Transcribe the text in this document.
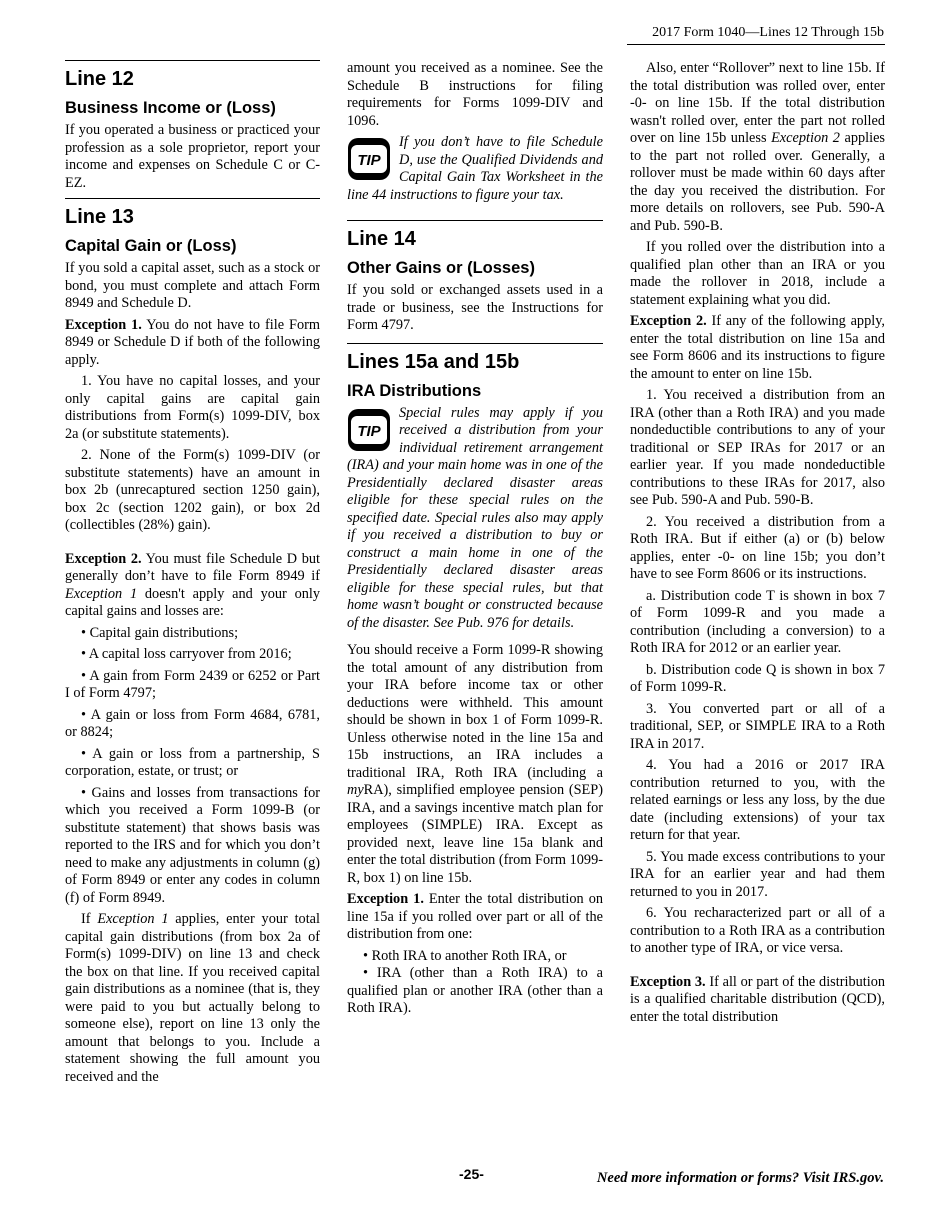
2017 Form 1040—Lines 12 Through 15b
Line 12
Business Income or (Loss)

If you operated a business or practiced your profession as a sole proprietor, report your income and expenses on Schedule C or C-EZ.

Line 13
Capital Gain or (Loss)

If you sold a capital asset, such as a stock or bond, you must complete and attach Form 8949 and Schedule D.

Exception 1. You do not have to file Form 8949 or Schedule D if both of the following apply.

1. You have no capital losses, and your only capital gains are capital gain distributions from Form(s) 1099-DIV, box 2a (or substitute statements).

2. None of the Form(s) 1099-DIV (or substitute statements) have an amount in box 2b (unrecaptured section 1250 gain), box 2c (section 1202 gain), or box 2d (collectibles (28%) gain).

Exception 2. You must file Schedule D but generally don’t have to file Form 8949 if Exception 1 doesn't apply and your only capital gains and losses are:

• Capital gain distributions;

• A capital loss carryover from 2016;

• A gain from Form 2439 or 6252 or Part I of Form 4797;

• A gain or loss from Form 4684, 6781, or 8824;

• A gain or loss from a partnership, S corporation, estate, or trust; or

• Gains and losses from transactions for which you received a Form 1099-B (or substitute statement) that shows basis was reported to the IRS and for which you don’t need to make any adjustments in column (g) of Form 8949 or enter any codes in column (f) of Form 8949.

If Exception 1 applies, enter your total capital gain distributions (from box 2a of Form(s) 1099-DIV) on line 13 and check the box on that line. If you received capital gain distributions as a nominee (that is, they were paid to you but actually belong to someone else), report on line 13 only the amount that belongs to you. Include a statement showing the full amount you received and the

amount you received as a nominee. See the Schedule B instructions for filing requirements for Forms 1099-DIV and 1096.

TIP
If you don’t have to file Schedule D, use the Qualified Dividends and Capital Gain Tax Worksheet in the line 44 instructions to figure your tax.
Line 14
Other Gains or (Losses)

If you sold or exchanged assets used in a trade or business, see the Instructions for Form 4797.

Lines 15a and 15b
IRA Distributions
TIP
Special rules may apply if you received a distribution from your individual retirement arrangement (IRA) and your main home was in one of the Presidentially declared disaster areas eligible for these special rules on the specified date. Special rules also may apply if you received a distribution to buy or construct a main home in one of the Presidentially declared disaster areas eligible for these special rules, but that home wasn’t bought or constructed because of the disaster. See Pub. 976 for details.

You should receive a Form 1099-R showing the total amount of any distribution from your IRA before income tax or other deductions were withheld. This amount should be shown in box 1 of Form 1099-R. Unless otherwise noted in the line 15a and 15b instructions, an IRA includes a traditional IRA, Roth IRA (including a myRA), simplified employee pension (SEP) IRA, and a savings incentive match plan for employees (SIMPLE) IRA. Except as provided next, leave line 15a blank and enter the total distribution (from Form 1099-R, box 1) on line 15b.

Exception 1. Enter the total distribution on line 15a if you rolled over part or all of the distribution from one:

• Roth IRA to another Roth IRA, or

• IRA (other than a Roth IRA) to a qualified plan or another IRA (other than a Roth IRA).

Also, enter “Rollover” next to line 15b. If the total distribution was rolled over, enter -0- on line 15b. If the total distribution wasn't rolled over, enter the part not rolled over on line 15b unless Exception 2 applies to the part not rolled over. Generally, a rollover must be made within 60 days after the day you received the distribution. For more details on rollovers, see Pub. 590-A and Pub. 590-B.

If you rolled over the distribution into a qualified plan other than an IRA or you made the rollover in 2018, include a statement explaining what you did.

Exception 2. If any of the following apply, enter the total distribution on line 15a and see Form 8606 and its instructions to figure the amount to enter on line 15b.

1. You received a distribution from an IRA (other than a Roth IRA) and you made nondeductible contributions to any of your traditional or SEP IRAs for 2017 or an earlier year. If you made nondeductible contributions to these IRAs for 2017, also see Pub. 590-A and Pub. 590-B.

2. You received a distribution from a Roth IRA. But if either (a) or (b) below applies, enter -0- on line 15b; you don’t have to see Form 8606 or its instructions.

a. Distribution code T is shown in box 7 of Form 1099-R and you made a contribution (including a conversion) to a Roth IRA for 2012 or an earlier year.

b. Distribution code Q is shown in box 7 of Form 1099-R.

3. You converted part or all of a traditional, SEP, or SIMPLE IRA to a Roth IRA in 2017.

4. You had a 2016 or 2017 IRA contribution returned to you, with the related earnings or less any loss, by the due date (including extensions) of your tax return for that year.

5. You made excess contributions to your IRA for an earlier year and had them returned to you in 2017.

6. You recharacterized part or all of a contribution to a Roth IRA as a contribution to another type of IRA, or vice versa.

Exception 3. If all or part of the distribution is a qualified charitable distribution (QCD), enter the total distribution

-25-	Need more information or forms? Visit IRS.gov.
